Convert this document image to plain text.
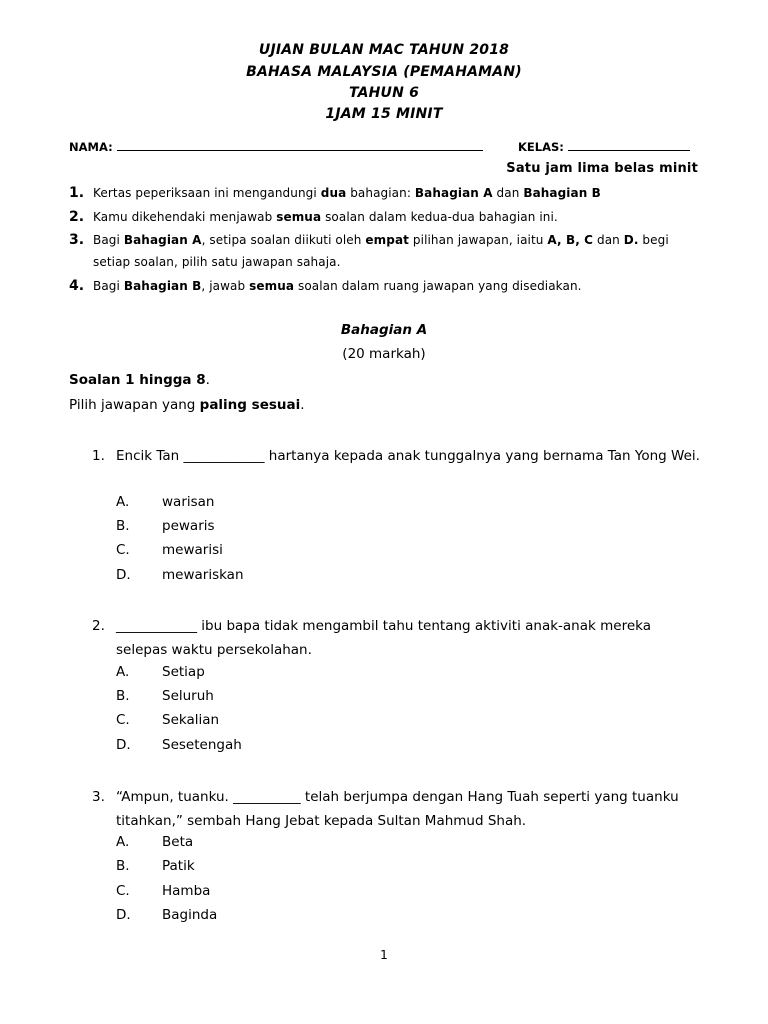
UJIAN BULAN MAC TAHUN 2018
BAHASA MALAYSIA (PEMAHAMAN)
TAHUN 6
1JAM 15 MINIT
NAMA:	KELAS:
Satu jam lima belas minit
1. Kertas peperiksaan ini mengandungi dua bahagian: Bahagian A dan Bahagian B
2. Kamu dikehendaki menjawab semua soalan dalam kedua-dua bahagian ini.
3. Bagi Bahagian A, setipa soalan diikuti oleh empat pilihan jawapan, iaitu A, B, C dan D. begi setiap soalan, pilih satu jawapan sahaja.
4. Bagi Bahagian B, jawab semua soalan dalam ruang jawapan yang disediakan.
Bahagian A
(20 markah)
Soalan 1 hingga 8.
Pilih jawapan yang paling sesuai.
1. Encik Tan ____________ hartanya kepada anak tunggalnya yang bernama Tan Yong Wei.
A. warisan
B. pewaris
C. mewarisi
D. mewariskan
2. ____________ ibu bapa tidak mengambil tahu tentang aktiviti anak-anak mereka selepas waktu persekolahan.
A. Setiap
B. Seluruh
C. Sekalian
D. Sesetengah
3. “Ampun, tuanku. __________ telah berjumpa dengan Hang Tuah seperti yang tuanku titahkan,” sembah Hang Jebat kepada Sultan Mahmud Shah.
A. Beta
B. Patik
C. Hamba
D. Baginda
1
